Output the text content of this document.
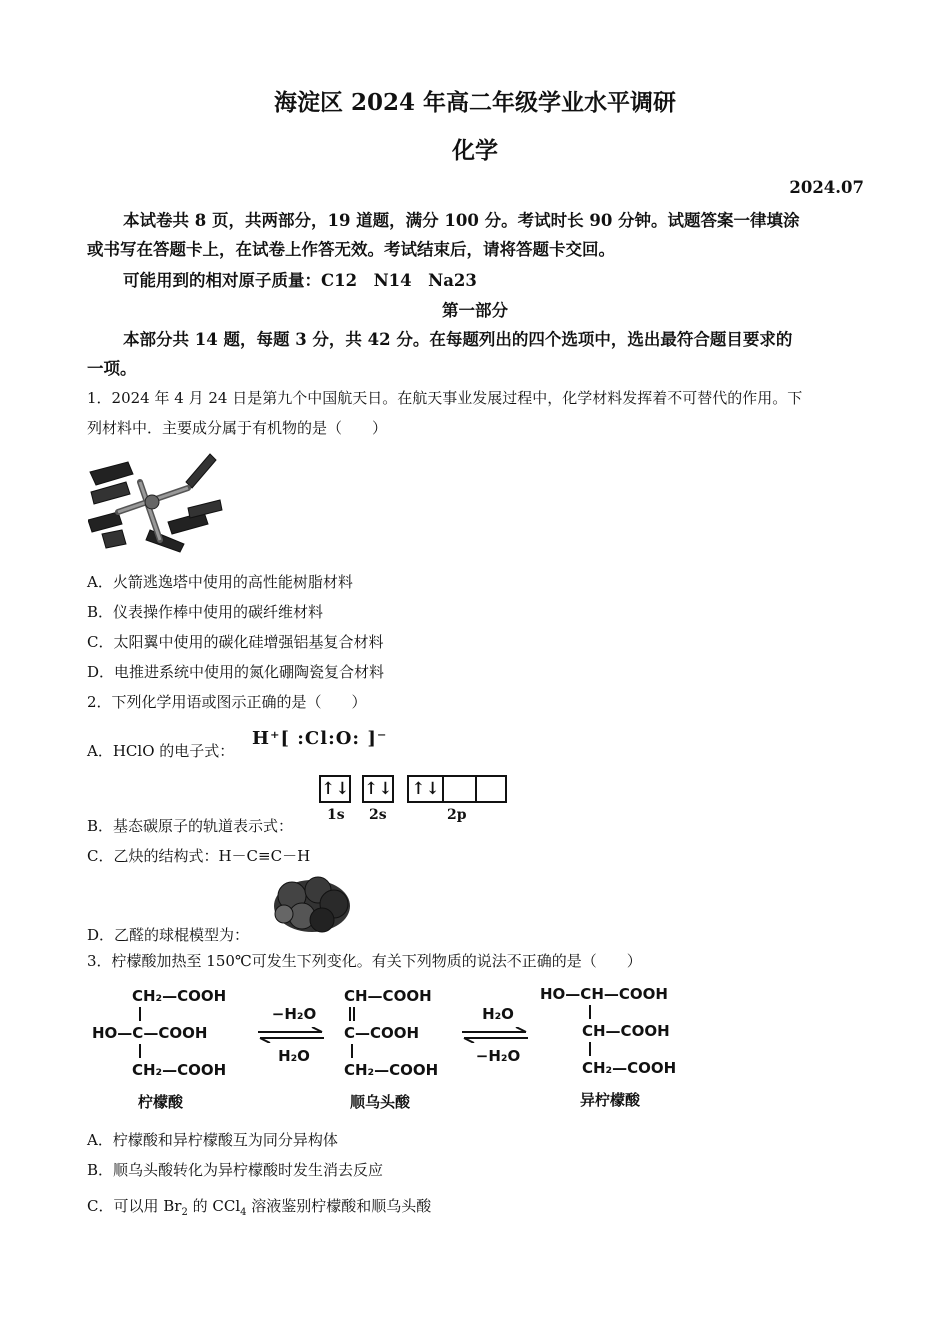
海淀区 2024 年高二年级学业水平调研
化学
2024.07
本试卷共 8 页，共两部分，19 道题，满分 100 分。考试时长 90 分钟。试题答案一律填涂
或书写在答题卡上，在试卷上作答无效。考试结束后，请将答题卡交回。
可能用到的相对原子质量：C12　N14　Na23
第一部分
本部分共 14 题，每题 3 分，共 42 分。在每题列出的四个选项中，选出最符合题目要求的
一项。
1．2024 年 4 月 24 日是第九个中国航天日。在航天事业发展过程中，化学材料发挥着不可替代的作用。下
列材料中．主要成分属于有机物的是（　　）
A．火箭逃逸塔中使用的高性能树脂材料
B．仪表操作棒中使用的碳纤维材料
C．太阳翼中使用的碳化硅增强铝基复合材料
D．电推进系统中使用的氮化硼陶瓷复合材料
2．下列化学用语或图示正确的是（　　）
A．HClO 的电子式：
H⁺[ :Cl:O: ]⁻
↑↓ ↑↓ ↑↓
1s 2s	2p
B．基态碳原子的轨道表示式：
C．乙炔的结构式：H－C≡C－H
D．乙醛的球棍模型为：
3．柠檬酸加热至 150℃可发生下列变化。有关下列物质的说法不正确的是（　　）
CH₂—COOH
HO—C—COOH
CH₂—COOH
柠檬酸
−H₂O
H₂O
CH—COOH
C—COOH
CH₂—COOH
顺乌头酸
H₂O
−H₂O
HO—CH—COOH
CH—COOH
CH₂—COOH
异柠檬酸
A．柠檬酸和异柠檬酸互为同分异构体
B．顺乌头酸转化为异柠檬酸时发生消去反应
C．可以用 $Br_2$ 的 CCl$_4$ 溶液鉴别柠檬酸和顺乌头酸
